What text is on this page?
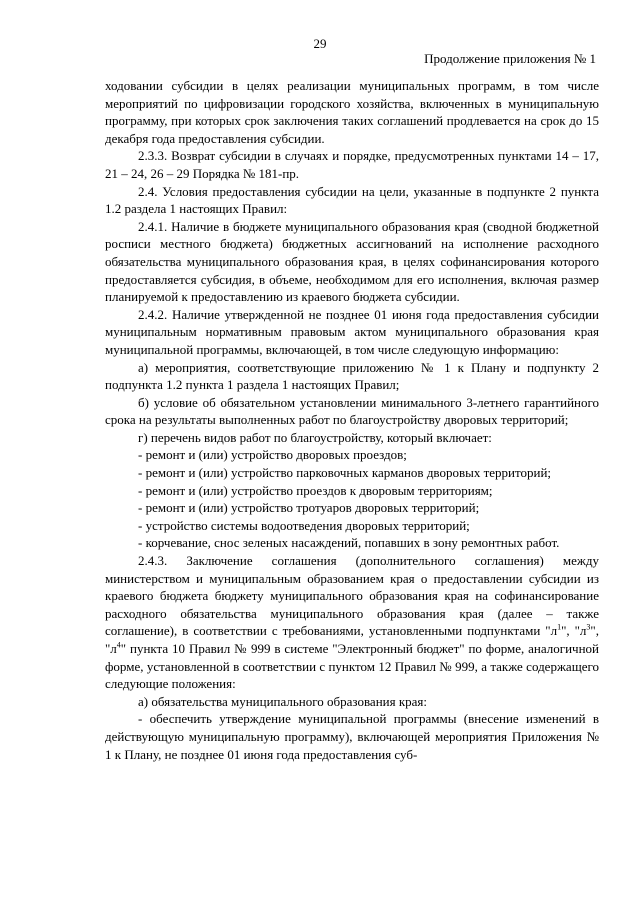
29
Продолжение приложения № 1

ходовании субсидии в целях реализации муниципальных программ, в том числе мероприятий по цифровизации городского хозяйства, включенных в муниципальную программу, при которых срок заключения таких соглашений продлевается на срок до 15 декабря года предоставления субсидии.

2.3.3. Возврат субсидии в случаях и порядке, предусмотренных пунктами 14 – 17, 21 – 24, 26 – 29 Порядка № 181-пр.

2.4. Условия предоставления субсидии на цели, указанные в подпункте 2 пункта 1.2 раздела 1 настоящих Правил:

2.4.1. Наличие в бюджете муниципального образования края (сводной бюджетной росписи местного бюджета) бюджетных ассигнований на исполнение расходного обязательства муниципального образования края, в целях софинансирования которого предоставляется субсидия, в объеме, необходимом для его исполнения, включая размер планируемой к предоставлению из краевого бюджета субсидии.

2.4.2. Наличие утвержденной не позднее 01 июня года предоставления субсидии муниципальным нормативным правовым актом муниципального образования края муниципальной программы, включающей, в том числе следующую информацию:

а) мероприятия, соответствующие приложению № 1 к Плану и подпункту 2 подпункта 1.2 пункта 1 раздела 1 настоящих Правил;

б) условие об обязательном установлении минимального 3-летнего гарантийного срока на результаты выполненных работ по благоустройству дворовых территорий;

г) перечень видов работ по благоустройству, который включает:

- ремонт и (или) устройство дворовых проездов;

- ремонт и (или) устройство парковочных карманов дворовых территорий;

- ремонт и (или) устройство проездов к дворовым территориям;

- ремонт и (или) устройство тротуаров дворовых территорий;

- устройство системы водоотведения дворовых территорий;

- корчевание, снос зеленых насаждений, попавших в зону ремонтных работ.

2.4.3. Заключение соглашения (дополнительного соглашения) между министерством и муниципальным образованием края о предоставлении субсидии из краевого бюджета бюджету муниципального образования края на софинансирование расходного обязательства муниципального образования края (далее – также соглашение), в соответствии с требованиями, установленными подпунктами "$л^1$", "$л^3$", "$л^4$" пункта 10 Правил № 999 в системе "Электронный бюджет" по форме, аналогичной форме, установленной в соответствии с пунктом 12 Правил № 999, а также содержащего следующие положения:

а) обязательства муниципального образования края:

- обеспечить утверждение муниципальной программы (внесение изменений в действующую муниципальную программу), включающей мероприятия Приложения № 1 к Плану, не позднее 01 июня года предоставления суб-
